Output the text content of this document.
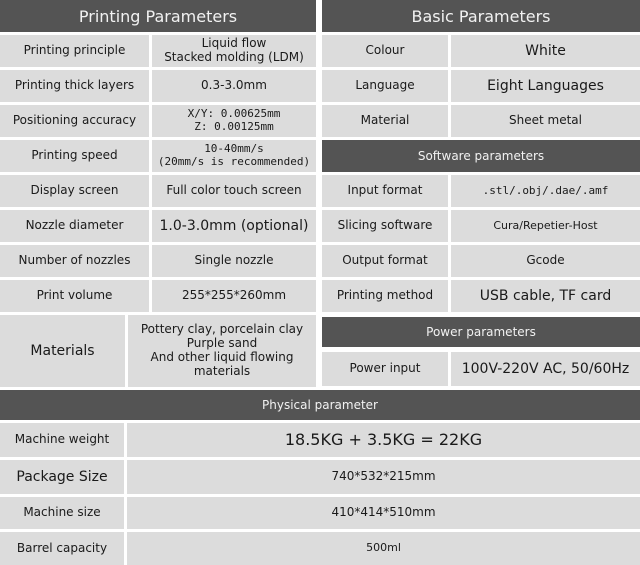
Printing Parameters
Printing principle	Liquid flow
Stacked molding (LDM)
Printing thick layers	0.3-3.0mm
Positioning accuracy	X/Y: 0.00625mm
Z: 0.00125mm
Printing speed	10-40mm/s
(20mm/s is recommended)
Display screen	Full color touch screen
Nozzle diameter	1.0-3.0mm (optional)
Number of nozzles	Single nozzle
Print volume	255*255*260mm
Materials
Pottery clay, porcelain clay
Purple sand
And other liquid flowing materials
Basic Parameters
Colour	White
Language	Eight Languages
Material	Sheet metal
Software parameters
Input format	.stl/.obj/.dae/.amf
Slicing software	Cura/Repetier-Host
Output format	Gcode
Printing method	USB cable, TF card
Power parameters
Power input	100V-220V AC, 50/60Hz
Physical parameter
Machine weight	18.5KG + 3.5KG = 22KG
Package Size	740*532*215mm
Machine size	410*414*510mm
Barrel capacity	500ml
